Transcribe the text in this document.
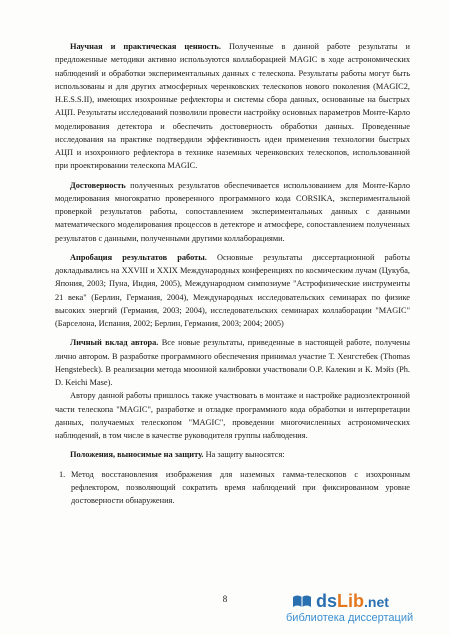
Научная и практическая ценность. Полученные в данной работе результаты и предложенные методики активно используются коллаборацией MAGIC в ходе астрономических наблюдений и обработки экспериментальных данных с телескопа. Результаты работы могут быть использованы и для других атмосферных черенковских телескопов нового поколения (MAGIC2, H.E.S.S.II), имеющих изохронные рефлекторы и системы сбора данных, основанные на быстрых АЦП. Результаты исследований позволили провести настройку основных параметров Монте-Карло моделирования детектора и обеспечить достоверность обработки данных. Проведенные исследования на практике подтвердили эффективность идеи применения технологии быстрых АЦП и изохронного рефлектора в технике наземных черенковских телескопов, использованной при проектировании телескопа MAGIC.

Достоверность полученных результатов обеспечивается использованием для Монте-Карло моделирования многократно проверенного программного кода CORSIKA, экспериментальной проверкой результатов работы, сопоставлением экспериментальных данных с данными математического моделирования процессов в детекторе и атмосфере, сопоставлением полученных результатов с данными, полученными другими коллаборациями.

Апробация результатов работы. Основные результаты диссертационной работы докладывались на XXVIII и XXIX Международных конференциях по космическим лучам (Цукуба, Япония, 2003; Пуна, Индия, 2005), Международном симпозиуме "Астрофизические инструменты 21 века" (Берлин, Германия, 2004), Международных исследовательских семинарах по физике высоких энергий (Германия, 2003; 2004), исследовательских семинарах коллаборации "MAGIC" (Барселона, Испания, 2002; Берлин, Германия, 2003; 2004; 2005)

Личный вклад автора. Все новые результаты, приведенные в настоящей работе, получены лично автором. В разработке программного обеспечения принимал участие Т. Хенгстебек (Thomas Hengstebeck). В реализации метода мюонной калибровки участвовали О.Р. Калекин и К. Мэйз (Ph. D. Keichi Mase).

Автору данной работы пришлось также участвовать в монтаже и настройке радиоэлектронной части телескопа "MAGIC", разработке и отладке программного кода обработки и интерпретации данных, получаемых телескопом "MAGIC", проведении многочисленных астрономических наблюдений, в том числе в качестве руководителя группы наблюдения.

Положения, выносимые на защиту. На защиту выносятся:

1. Метод восстановления изображения для наземных гамма-телескопов с изохронным рефлектором, позволяющий сократить время наблюдений при фиксированном уровне достоверности обнаружения.

8	dsLib.net
библиотека диссертаций
